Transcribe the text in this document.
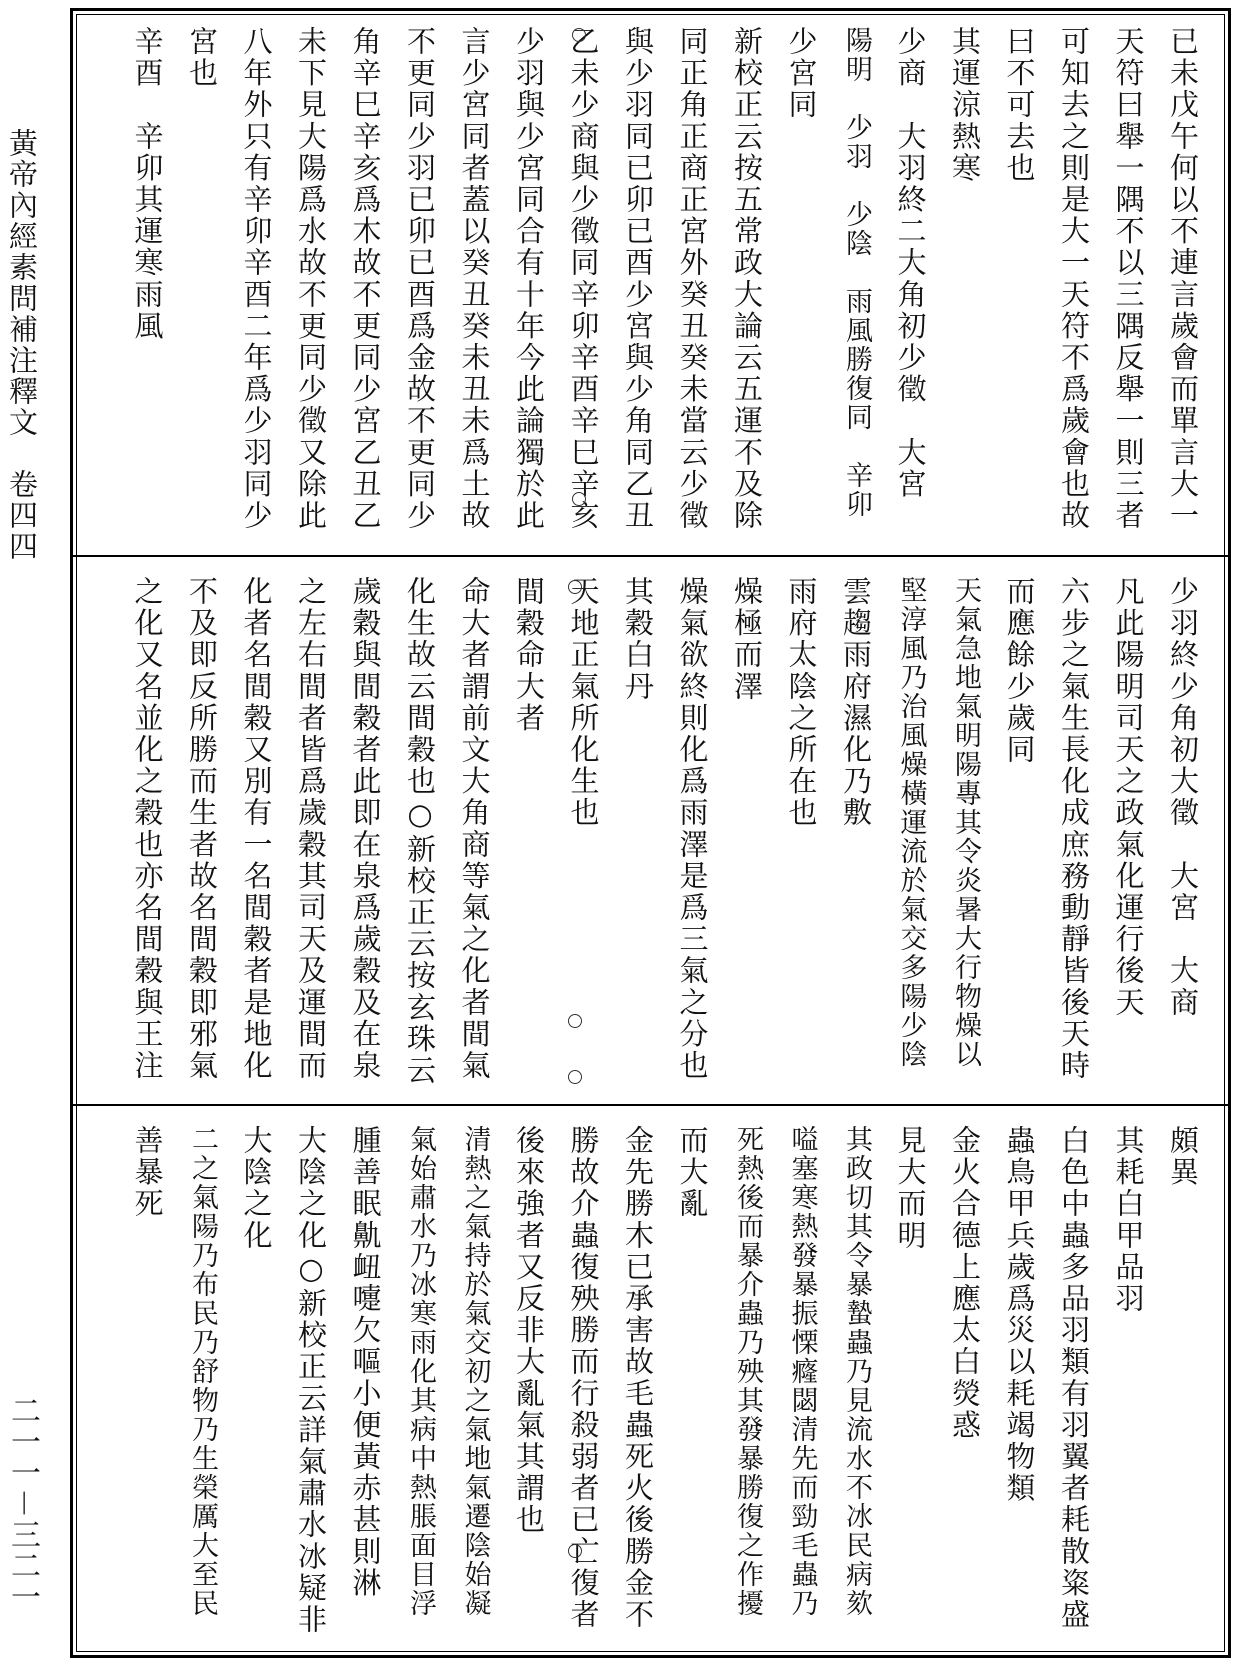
黃帝內經素問補注釋文　卷四四
二一一－三二一
已未戊午何以不連言歲會而單言大一
天符曰舉一隅不以三隅反舉一則三者
可知去之則是大一天符不爲歲會也故
曰不可去也
其運涼熱寒
少商　大羽終二大角初少徵　大宮
陽明　少羽　少陰　雨風勝復同　辛卯
少宮同
新校正云按五常政大論云五運不及除
同正角正商正宮外癸丑癸未當云少徵
與少羽同已卯已酉少宮與少角同乙丑
乙未少商與少徵同辛卯辛酉辛巳辛亥
少羽與少宮同合有十年今此論獨於此
言少宮同者蓋以癸丑癸未丑未爲土故
不更同少羽已卯已酉爲金故不更同少
角辛巳辛亥爲木故不更同少宮乙丑乙
未下見大陽爲水故不更同少徵又除此
八年外只有辛卯辛酉二年爲少羽同少
宮也
辛酉　辛卯其運寒雨風
少羽終少角初大徵　大宮　大商
凡此陽明司天之政氣化運行後天
六步之氣生長化成庶務動靜皆後天時
而應餘少歲同
天氣急地氣明陽專其令炎暑大行物燥以
堅淳風乃治風燥橫運流於氣交多陽少陰
雲趨雨府濕化乃敷
雨府太陰之所在也
燥極而澤
燥氣欲終則化爲雨澤是爲三氣之分也
其穀白丹
天地正氣所化生也
間穀命大者
命大者謂前文大角商等氣之化者間氣
化生故云間穀也○新校正云按玄珠云
歲穀與間穀者此即在泉爲歲穀及在泉
之左右間者皆爲歲穀其司天及運間而
化者名間穀又別有一名間穀者是地化
不及即反所勝而生者故名間穀即邪氣
之化又名並化之穀也亦名間穀與王注
頗異
其耗白甲品羽
白色中蟲多品羽類有羽翼者耗散粢盛
蟲鳥甲兵歲爲災以耗竭物類
金火合德上應太白熒惑
見大而明
其政切其令暴蟄蟲乃見流水不冰民病欬
嗌塞寒熱發暴振慄癃閟清先而勁毛蟲乃
死熱後而暴介蟲乃殃其發暴勝復之作擾
而大亂
金先勝木已承害故毛蟲死火後勝金不
勝故介蟲復殃勝而行殺弱者已亡復者
後來強者又反非大亂氣其謂也
清熱之氣持於氣交初之氣地氣遷陰始凝
氣始肅水乃冰寒雨化其病中熱脹面目浮
腫善眠鼽衄嚏欠嘔小便黃赤甚則淋
大陰之化○新校正云詳氣肅水冰疑非
大陰之化
二之氣陽乃布民乃舒物乃生榮厲大至民
善暴死
